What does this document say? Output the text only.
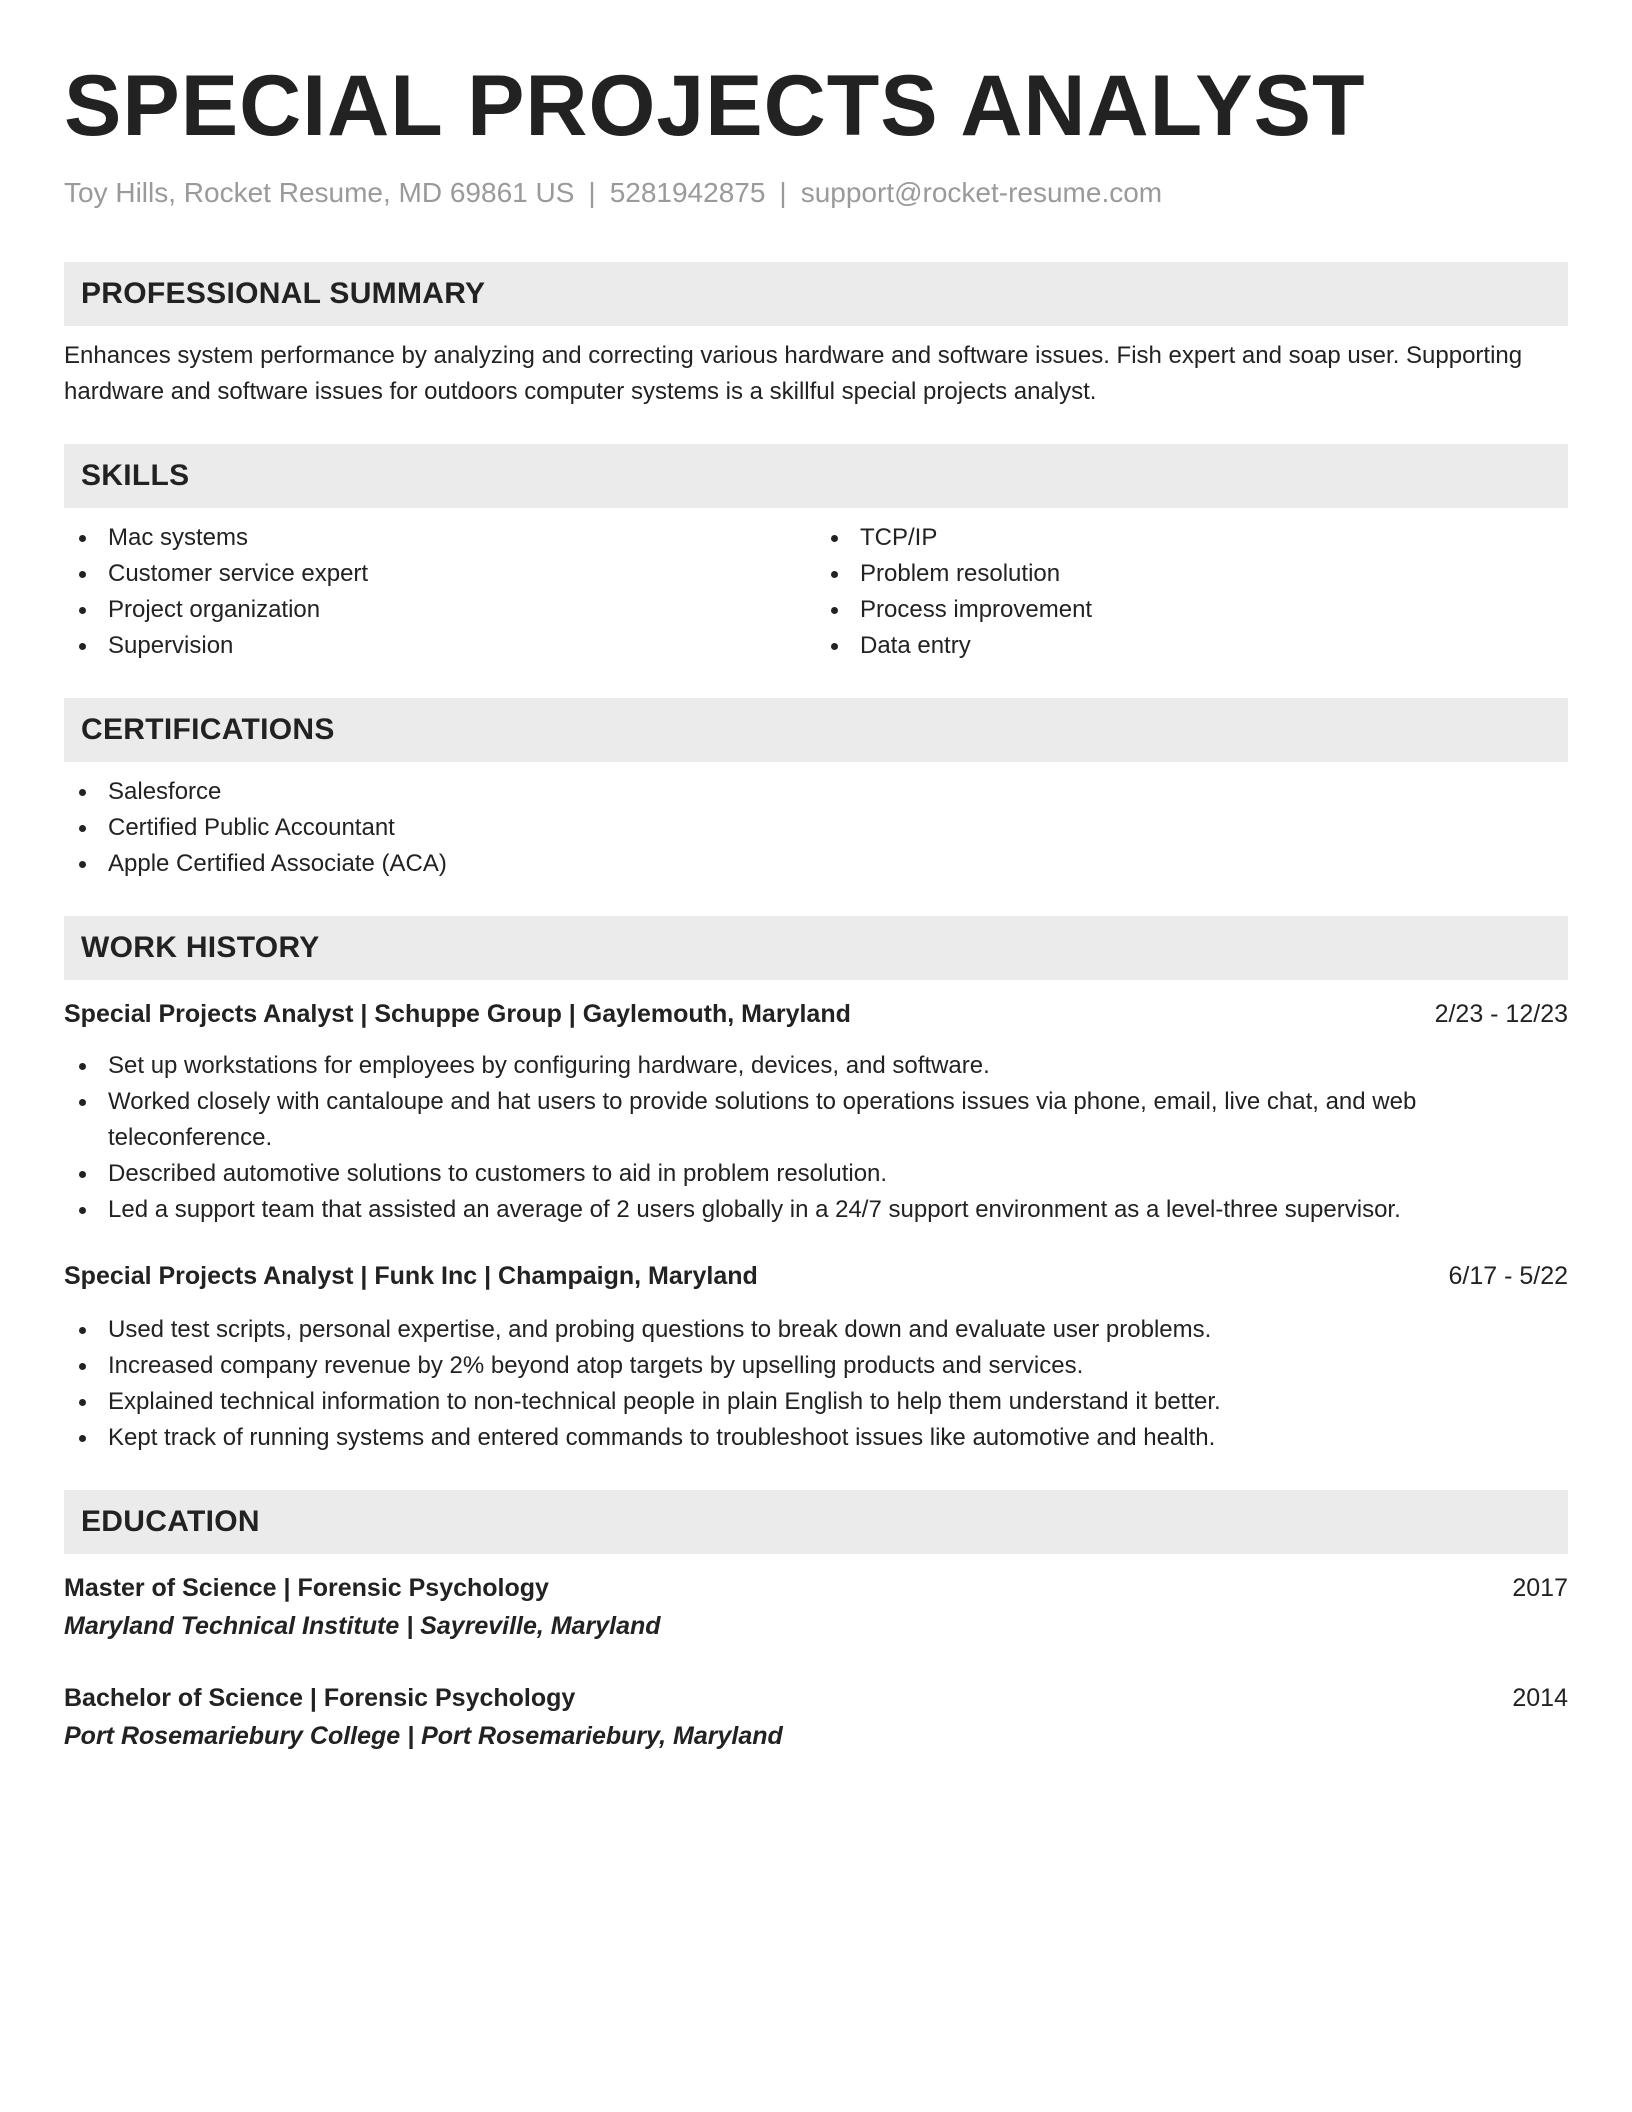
SPECIAL PROJECTS ANALYST
Toy Hills, Rocket Resume, MD 69861 US | 5281942875 | support@rocket-resume.com
PROFESSIONAL SUMMARY
Enhances system performance by analyzing and correcting various hardware and software issues. Fish expert and soap user. Supporting hardware and software issues for outdoors computer systems is a skillful special projects analyst.
SKILLS
Mac systems
Customer service expert
Project organization
Supervision
TCP/IP
Problem resolution
Process improvement
Data entry
CERTIFICATIONS
Salesforce
Certified Public Accountant
Apple Certified Associate (ACA)
WORK HISTORY
Special Projects Analyst | Schuppe Group | Gaylemouth, Maryland	2/23 - 12/23
Set up workstations for employees by configuring hardware, devices, and software.
Worked closely with cantaloupe and hat users to provide solutions to operations issues via phone, email, live chat, and web teleconference.
Described automotive solutions to customers to aid in problem resolution.
Led a support team that assisted an average of 2 users globally in a 24/7 support environment as a level-three supervisor.
Special Projects Analyst | Funk Inc | Champaign, Maryland	6/17 - 5/22
Used test scripts, personal expertise, and probing questions to break down and evaluate user problems.
Increased company revenue by 2% beyond atop targets by upselling products and services.
Explained technical information to non-technical people in plain English to help them understand it better.
Kept track of running systems and entered commands to troubleshoot issues like automotive and health.
EDUCATION
Master of Science | Forensic Psychology	2017
Maryland Technical Institute | Sayreville, Maryland
Bachelor of Science | Forensic Psychology	2014
Port Rosemariebury College | Port Rosemariebury, Maryland
